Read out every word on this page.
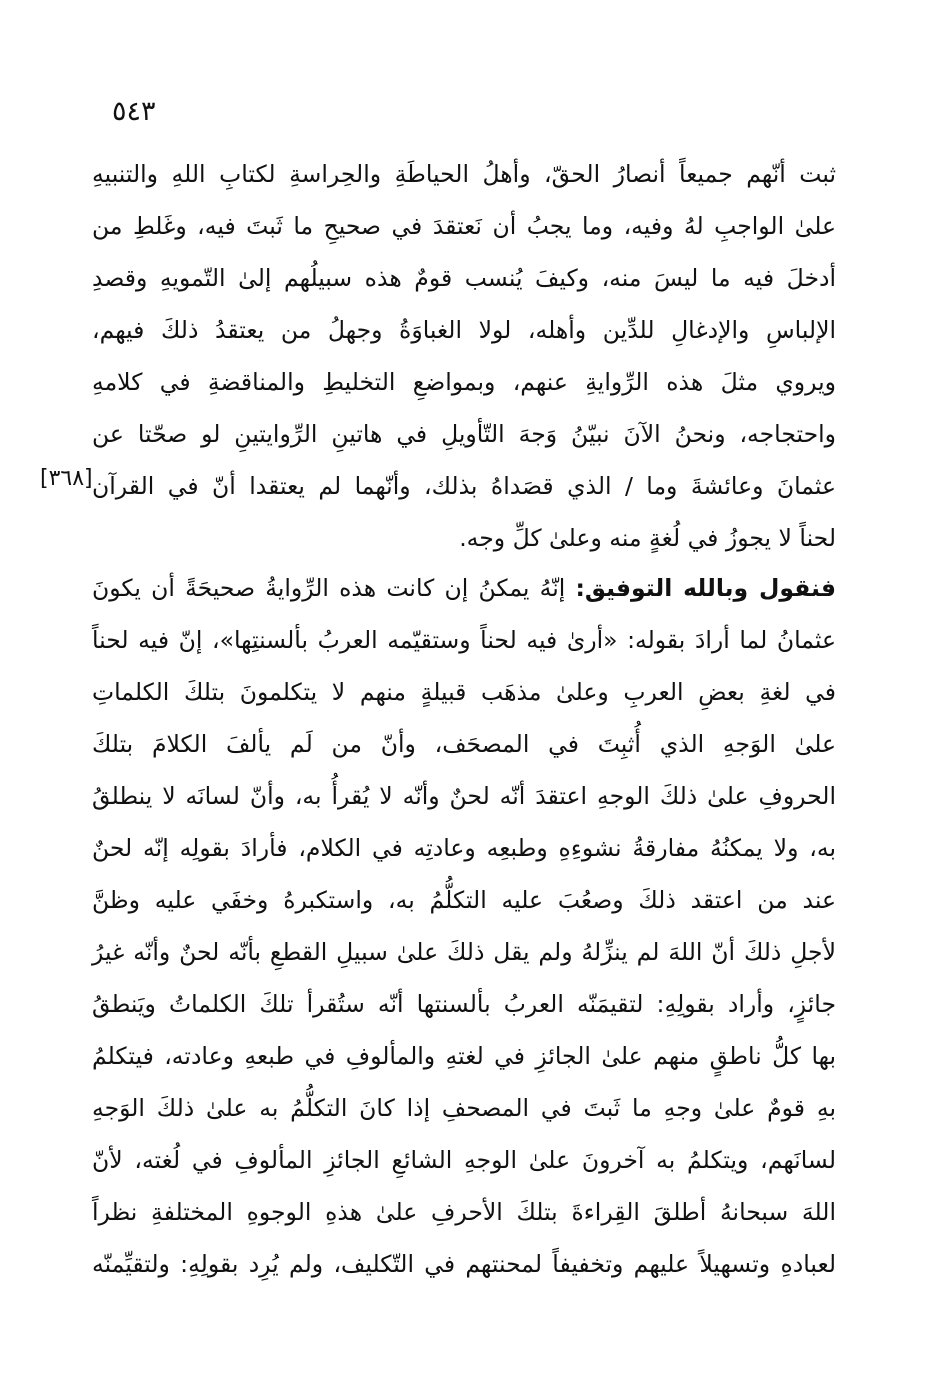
٥٤٣
[٣٦٨]
ثبت أنّهم جميعاً أنصارُ الحقّ، وأهلُ الحياطَةِ والحِراسةِ لكتابِ اللهِ والتنبيهِ
علىٰ الواجبِ لهُ وفيه، وما يجبُ أن نَعتقدَ في صحيحِ ما ثَبتَ فيه، وغَلطِ من
أدخلَ فيه ما ليسَ منه، وكيفَ يُنسب قومٌ هذه سبيلُهم إلىٰ التّمويهِ وقصدِ
الإلباسِ والإدغالِ للدِّين وأهله، لولا الغباوَةُ وجهلُ من يعتقدُ ذلكَ فيهم،
ويروي مثلَ هذه الرِّوايةِ عنهم، وبمواضعِ التخليطِ والمناقضةِ في كلامهِ
واحتجاجه، ونحنُ الآنَ نبيّنُ وَجهَ التّأويلِ في هاتينِ الرِّوايتينِ لو صحّتا عن
عثمانَ وعائشةَ وما / الذي قصَداهُ بذلك، وأنّهما لم يعتقدا أنّ في القرآن
لحناً لا يجوزُ في لُغةٍ منه وعلىٰ كلِّ وجه.
فنقول وبالله التوفيق: إنّهُ يمكنُ إن كانت هذه الرِّوايةُ صحيحَةً أن يكونَ
عثمانُ لما أرادَ بقوله: «أرىٰ فيه لحناً وستقيّمه العربُ بألسنتِها»، إنّ فيه لحناً
في لغةِ بعضِ العربِ وعلىٰ مذهَب قبيلةٍ منهم لا يتكلمونَ بتلكَ الكلماتِ
علىٰ الوَجهِ الذي أُثبِتَ في المصحَف، وأنّ من لَم يألفَ الكلامَ بتلكَ
الحروفِ علىٰ ذلكَ الوجهِ اعتقدَ أنّه لحنٌ وأنّه لا يُقرأُ به، وأنّ لسانَه لا ينطلقُ
به، ولا يمكنُهُ مفارقةُ نشوءِهِ وطبعِه وعادتِه في الكلام، فأرادَ بقولِه إنّه لحنٌ
عند من اعتقد ذلكَ وصعُبَ عليه التكلُّمُ به، واستكبرهُ وخفَي عليه وظنَّ
لأجلِ ذلكَ أنّ اللهَ لم ينزِّلهُ ولم يقل ذلكَ علىٰ سبيلِ القطعِ بأنّه لحنٌ وأنّه غيرُ
جائزٍ، وأراد بقولِهِ: لتقيمَنّه العربُ بألسنتها أنّه ستُقرأ تلكَ الكلماتُ ويَنطقُ
بها كلُّ ناطقٍ منهم علىٰ الجائزِ في لغتهِ والمألوفِ في طبعهِ وعادته، فيتكلمُ
بهِ قومٌ علىٰ وجهِ ما ثَبتَ في المصحفِ إذا كانَ التكلُّمُ به علىٰ ذلكَ الوَجهِ
لسانَهم، ويتكلمُ به آخرونَ علىٰ الوجهِ الشائعِ الجائزِ المألوفِ في لُغته، لأنّ
اللهَ سبحانهُ أطلقَ القِراءةَ بتلكَ الأحرفِ علىٰ هذهِ الوجوهِ المختلفةِ نظراً
لعبادهِ وتسهيلاً عليهم وتخفيفاً لمحنتهم في التّكليف، ولم يُرِد بقولِهِ: ولتقيِّمنّه
